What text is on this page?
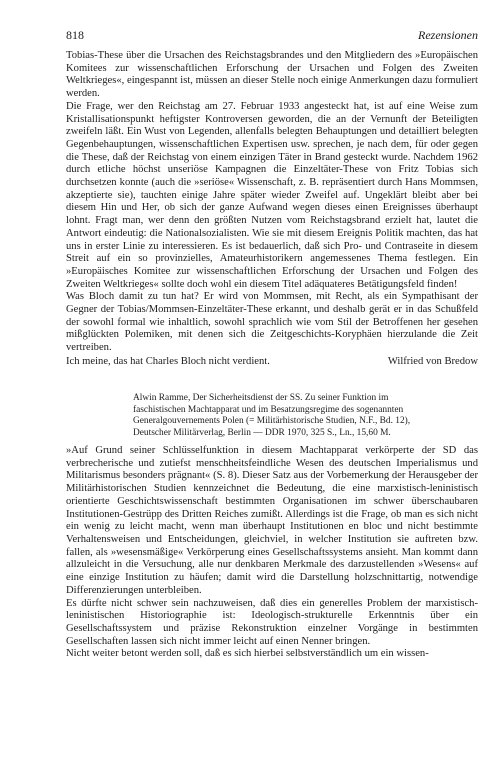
818	Rezensionen

Tobias-These über die Ursachen des Reichstagsbrandes und den Mitgliedern des »Europäischen Komitees zur wissenschaftlichen Erforschung der Ursachen und Folgen des Zweiten Weltkrieges«, eingespannt ist, müssen an dieser Stelle noch einige Anmerkungen dazu formuliert werden.

Die Frage, wer den Reichstag am 27. Februar 1933 angesteckt hat, ist auf eine Weise zum Kristallisationspunkt heftigster Kontroversen geworden, die an der Vernunft der Beteiligten zweifeln läßt. Ein Wust von Legenden, allenfalls belegten Behauptungen und detailliert belegten Gegenbehauptungen, wissenschaftlichen Expertisen usw. sprechen, je nach dem, für oder gegen die These, daß der Reichstag von einem einzigen Täter in Brand gesteckt wurde. Nachdem 1962 durch etliche höchst unseriöse Kampagnen die Einzeltäter-These von Fritz Tobias sich durchsetzen konnte (auch die »seriöse« Wissenschaft, z. B. repräsentiert durch Hans Mommsen, akzeptierte sie), tauchten einige Jahre später wieder Zweifel auf. Ungeklärt bleibt aber bei diesem Hin und Her, ob sich der ganze Aufwand wegen dieses einen Ereignisses überhaupt lohnt. Fragt man, wer denn den größten Nutzen vom Reichstagsbrand erzielt hat, lautet die Antwort eindeutig: die Nationalsozialisten. Wie sie mit diesem Ereignis Politik machten, das hat uns in erster Linie zu interessieren. Es ist bedauerlich, daß sich Pro- und Contraseite in diesem Streit auf ein so provinzielles, Amateurhistorikern angemessenes Thema festlegen. Ein »Europäisches Komitee zur wissenschaftlichen Erforschung der Ursachen und Folgen des Zweiten Weltkrieges« sollte doch wohl ein diesem Titel adäquateres Betätigungsfeld finden!

Was Bloch damit zu tun hat? Er wird von Mommsen, mit Recht, als ein Sympathisant der Gegner der Tobias/Mommsen-Einzeltäter-These erkannt, und deshalb gerät er in das Schußfeld der sowohl formal wie inhaltlich, sowohl sprachlich wie vom Stil der Betroffenen her gesehen mißglückten Polemiken, mit denen sich die Zeitgeschichts-Koryphäen hierzulande die Zeit vertreiben.

Ich meine, das hat Charles Bloch nicht verdient.	Wilfried von Bredow
Alwin Ramme, Der Sicherheitsdienst der SS. Zu seiner Funktion im
faschistischen Machtapparat und im Besatzungsregime des sogenannten
Generalgouvernements Polen (= Militärhistorische Studien, N.F., Bd. 12),
Deutscher Militärverlag, Berlin — DDR 1970, 325 S., Ln., 15,60 M.

»Auf Grund seiner Schlüsselfunktion in diesem Machtapparat verkörperte der SD das verbrecherische und zutiefst menschheitsfeindliche Wesen des deutschen Imperialismus und Militarismus besonders prägnant« (S. 8). Dieser Satz aus der Vorbemerkung der Herausgeber der Militärhistorischen Studien kennzeichnet die Bedeutung, die eine marxistisch-leninistisch orientierte Geschichtswissenschaft bestimmten Organisationen im schwer überschaubaren Institutionen-Gestrüpp des Dritten Reiches zumißt. Allerdings ist die Frage, ob man es sich nicht ein wenig zu leicht macht, wenn man überhaupt Institutionen en bloc und nicht bestimmte Verhaltensweisen und Entscheidungen, gleichviel, in welcher Institution sie auftreten bzw. fallen, als »wesensmäßige« Verkörperung eines Gesellschaftssystems ansieht. Man kommt dann allzuleicht in die Versuchung, alle nur denkbaren Merkmale des darzustellenden »Wesens« auf eine einzige Institution zu häufen; damit wird die Darstellung holzschnittartig, notwendige Differenzierungen unterbleiben.

Es dürfte nicht schwer sein nachzuweisen, daß dies ein generelles Problem der marxistisch-leninistischen Historiographie ist: Ideologisch-strukturelle Erkenntnis über ein Gesellschaftssystem und präzise Rekonstruktion einzelner Vorgänge in bestimmten Gesellschaften lassen sich nicht immer leicht auf einen Nenner bringen.

Nicht weiter betont werden soll, daß es sich hierbei selbstverständlich um ein wissen-
